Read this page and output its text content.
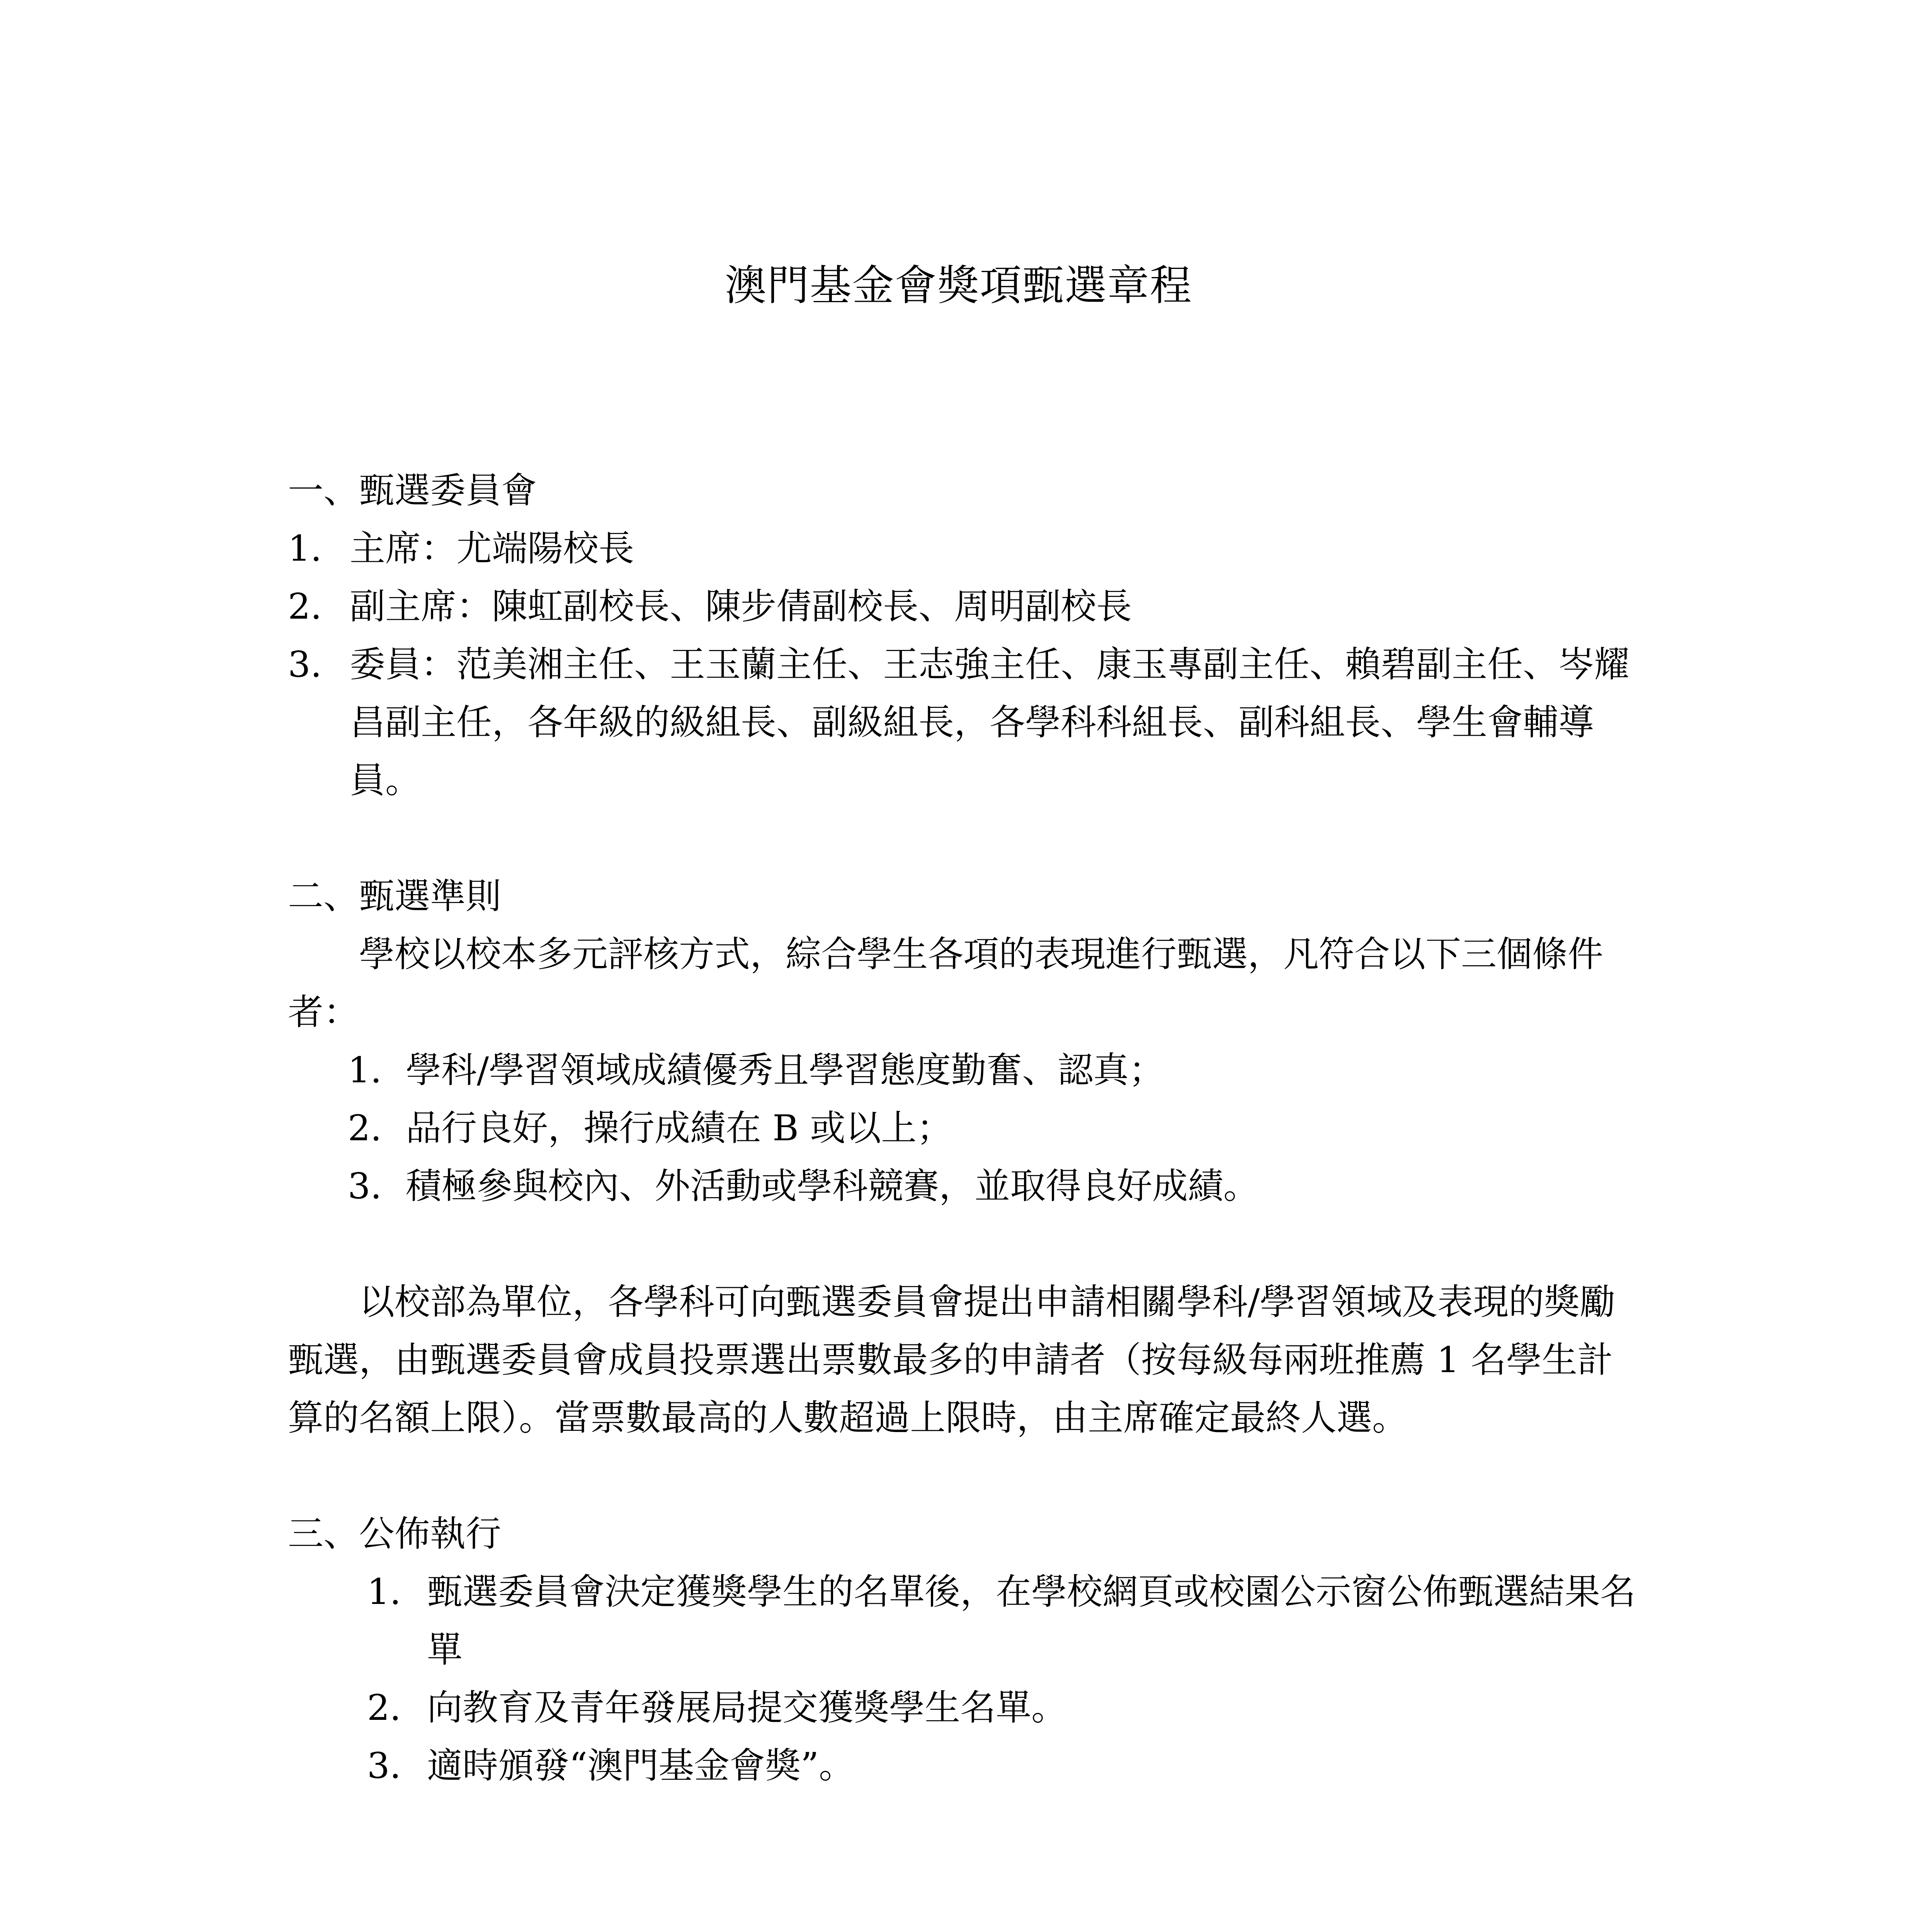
澳門基金會獎項甄選章程
一、甄選委員會
1. 主席：尤端陽校長
2. 副主席：陳虹副校長、陳步倩副校長、周明副校長
3. 委員：范美湘主任、王玉蘭主任、王志強主任、康玉專副主任、賴碧副主任、岑耀昌副主任，各年級的級組長、副級組長，各學科科組長、副科組長、學生會輔導員。
二、甄選準則

學校以校本多元評核方式，綜合學生各項的表現進行甄選，凡符合以下三個條件者：

1. 學科/學習領域成績優秀且學習態度勤奮、認真；
2. 品行良好，操行成績在 B 或以上；
3. 積極參與校內、外活動或學科競賽，並取得良好成績。

以校部為單位，各學科可向甄選委員會提出申請相關學科/學習領域及表現的獎勵甄選，由甄選委員會成員投票選出票數最多的申請者（按每級每兩班推薦 1 名學生計算的名額上限）。當票數最高的人數超過上限時，由主席確定最終人選。

三、公佈執行
1. 甄選委員會決定獲獎學生的名單後，在學校網頁或校園公示窗公佈甄選結果名單
2. 向教育及青年發展局提交獲獎學生名單。
3. 適時頒發“澳門基金會獎”。
